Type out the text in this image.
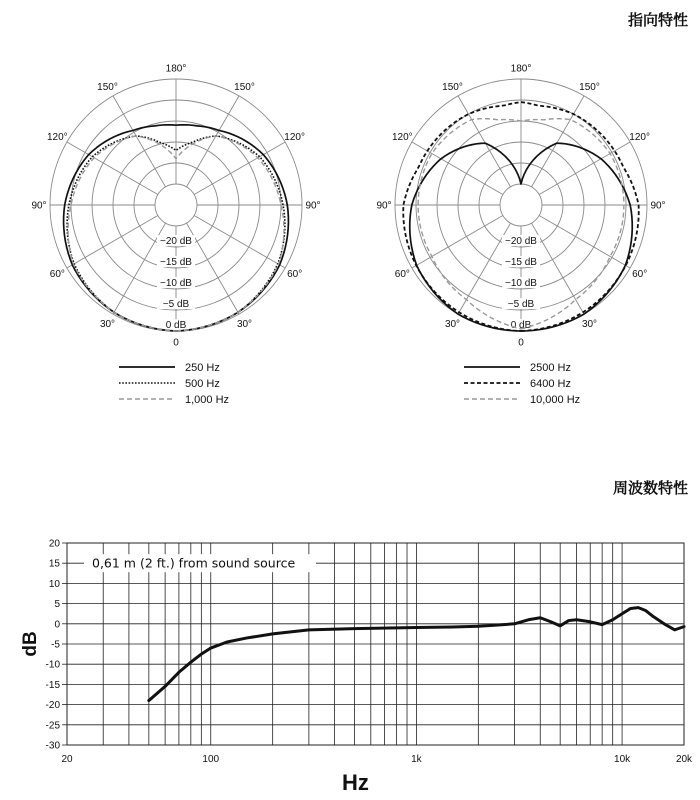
指向特性
周波数特性
0
30°
60°
90°
120°
150°
180°
150°
120°
90°
60°
30°	0 dB
−5 dB
−10 dB
−15 dB
−20 dB
250 Hz
500 Hz
1,000 Hz
0
30°
60°
90°
120°
150°
180°
150°
120°
90°
60°
30°	0 dB
−5 dB
−10 dB
−15 dB
−20 dB
2500 Hz
6400 Hz
10,000 Hz
20
15
10
5
0
-5
-10
-15
-20
-25
-30
20	100	1k	10k	20k
0,61 m (2 ft.) from sound source
dB
Hz
